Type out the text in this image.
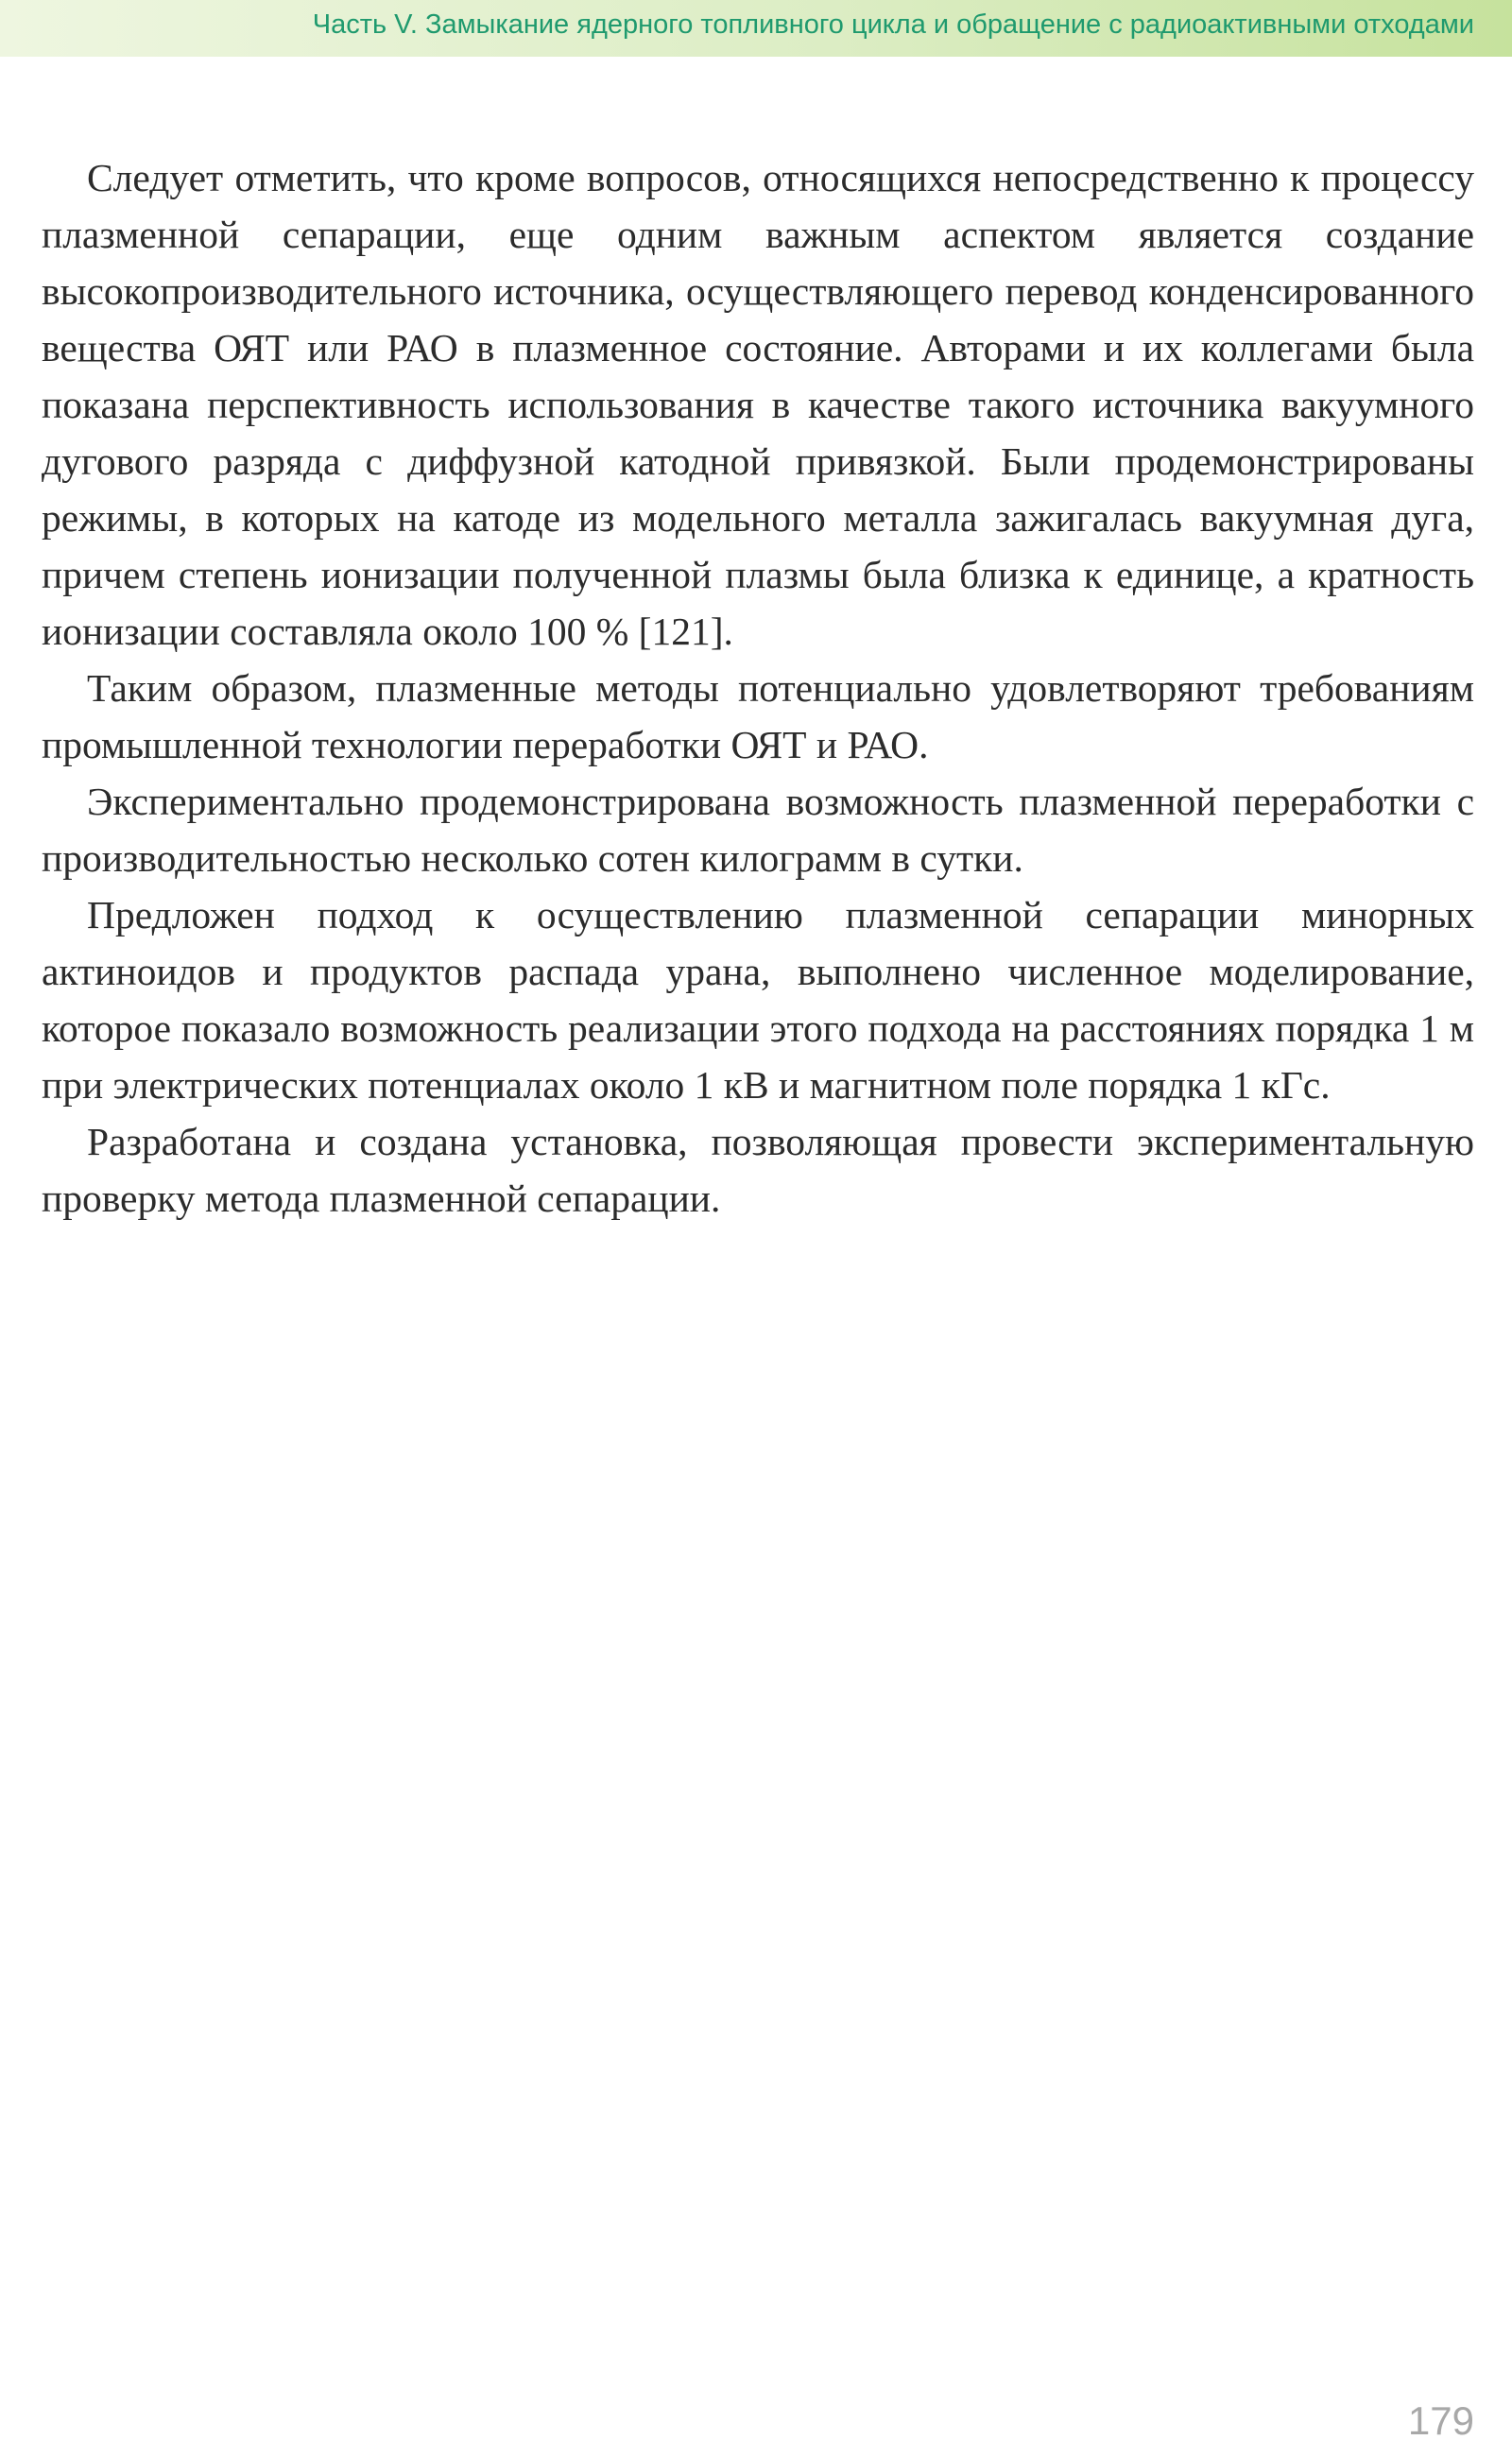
Часть V. Замыкание ядерного топливного цикла и обращение с радиоактивными отходами

Следует отметить, что кроме вопросов, относящихся непосредственно к процессу плазменной сепарации, еще одним важным аспектом является создание высокопроизводительного источника, осуществляющего перевод конденсированного вещества ОЯТ или РАО в плазменное состояние. Авторами и их коллегами была показана перспективность использования в качестве такого источника вакуумного дугового разряда с диффузной катодной привязкой. Были продемонстрированы режимы, в которых на катоде из модельного металла зажигалась вакуумная дуга, причем степень ионизации полученной плазмы была близка к единице, а кратность ионизации составляла около 100 % [121].

Таким образом, плазменные методы потенциально удовлетворяют требованиям промышленной технологии переработки ОЯТ и РАО.

Экспериментально продемонстрирована возможность плазменной переработки с производительностью несколько сотен килограмм в сутки.

Предложен подход к осуществлению плазменной сепарации минорных актиноидов и продуктов распада урана, выполнено численное моделирование, которое показало возможность реализации этого подхода на расстояниях порядка 1 м при электрических потенциалах около 1 кВ и магнитном поле порядка 1 кГс.

Разработана и создана установка, позволяющая провести экспериментальную проверку метода плазменной сепарации.

179
